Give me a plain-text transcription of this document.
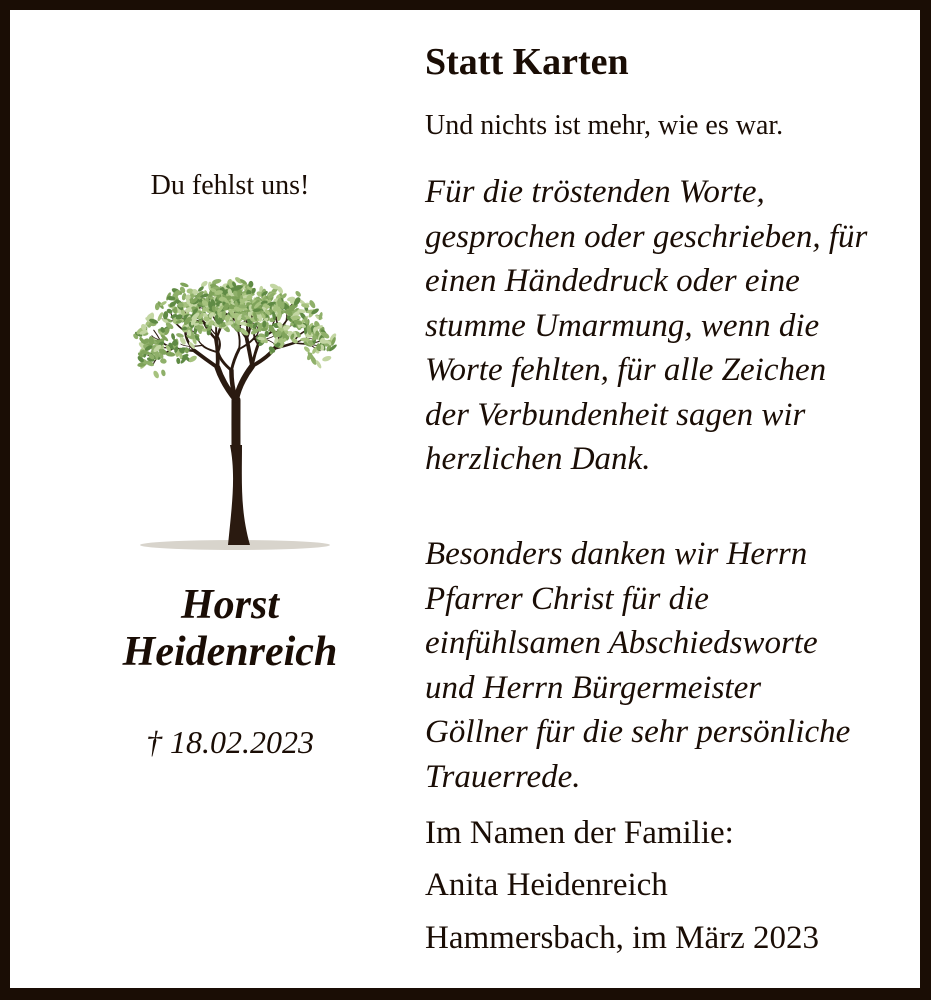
Statt Karten
Und nichts ist mehr, wie es war.
Für die tröstenden Worte,
gesprochen oder geschrieben, für
einen Händedruck oder eine
stumme Umarmung, wenn die
Worte fehlten, für alle Zeichen
der Verbundenheit sagen wir
herzlichen Dank.
Besonders danken wir Herrn
Pfarrer Christ für die
einfühlsamen Abschiedsworte
und Herrn Bürgermeister
Göllner für die sehr persönliche
Trauerrede.
Im Namen der Familie:
Anita Heidenreich
Hammersbach, im März 2023
Du fehlst uns!
Horst
Heidenreich
† 18.02.2023
